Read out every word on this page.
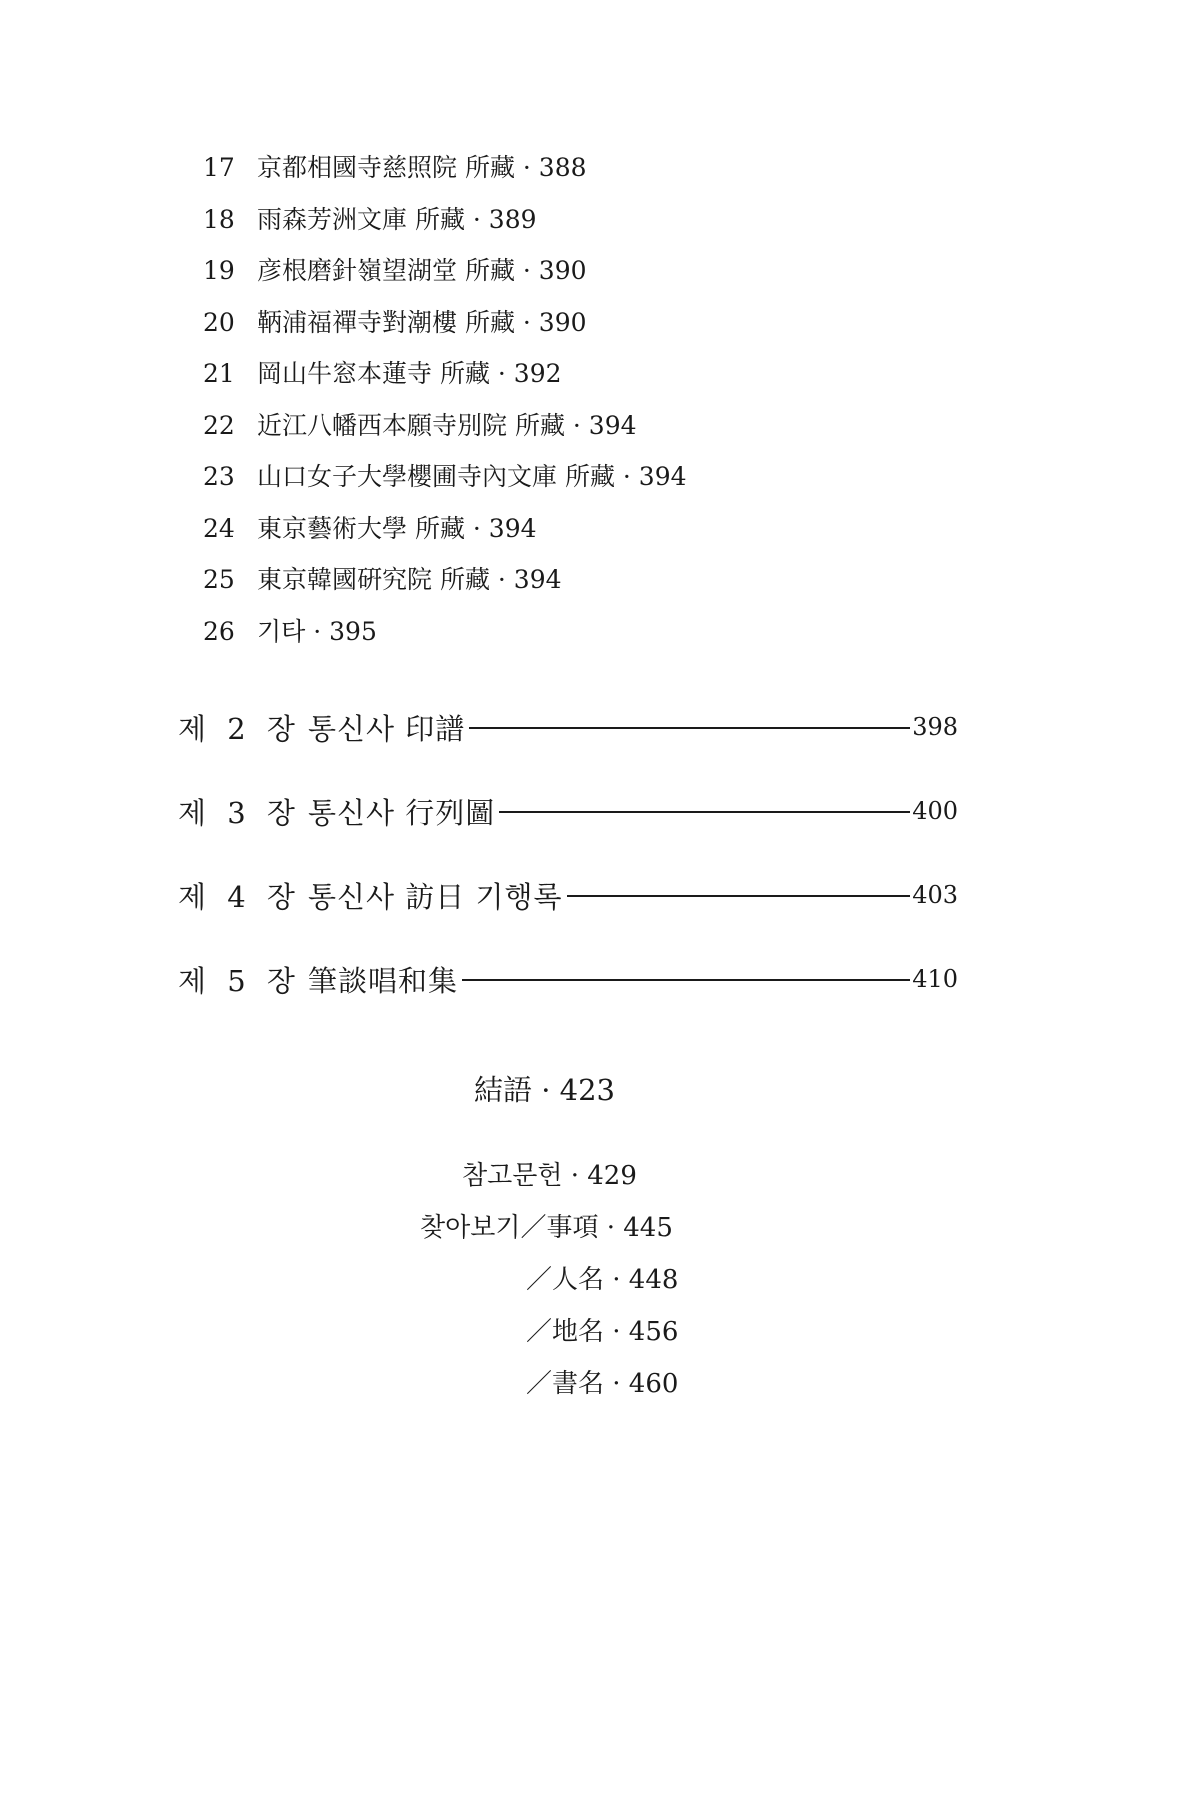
17 京都相國寺慈照院 所藏 · 388
18 雨森芳洲文庫 所藏 · 389
19 彦根磨針嶺望湖堂 所藏 · 390
20 鞆浦福禪寺對潮樓 所藏 · 390
21 岡山牛窓本蓮寺 所藏 · 392
22 近江八幡西本願寺別院 所藏 · 394
23 山口女子大學櫻圃寺內文庫 所藏 · 394
24 東京藝術大學 所藏 · 394
25 東京韓國硏究院 所藏 · 394
26 기타 · 395
제 2 장 통신사 印譜	398
제 3 장 통신사 行列圖	400
제 4 장 통신사 訪日 기행록	403
제 5 장 筆談唱和集	410
結語 · 423
참고문헌 · 429
찾아보기／事項 · 445
／人名 · 448
／地名 · 456
／書名 · 460
